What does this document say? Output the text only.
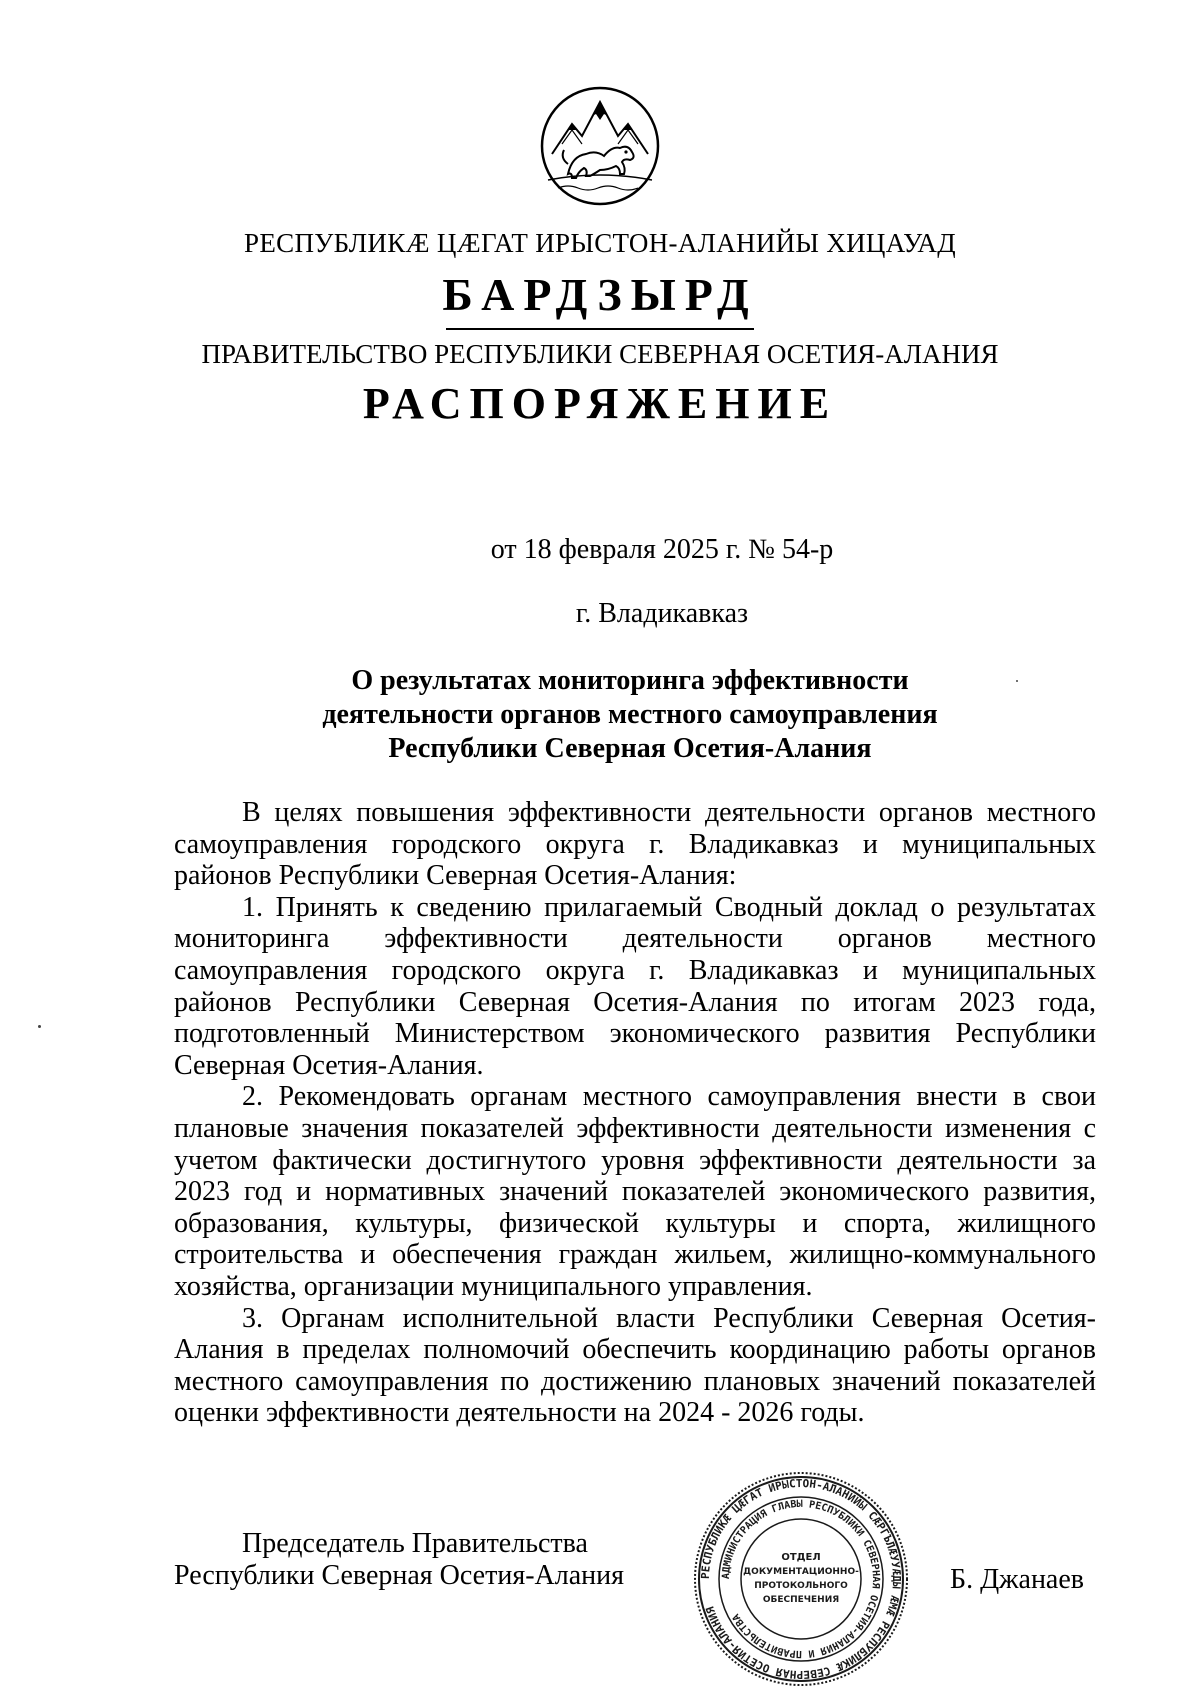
РЕСПУБЛИКӔ ЦӔГАТ ИРЫСТОН-АЛАНИЙЫ ХИЦАУАД
БАРДЗЫРД
ПРАВИТЕЛЬСТВО РЕСПУБЛИКИ СЕВЕРНАЯ ОСЕТИЯ-АЛАНИЯ
РАСПОРЯЖЕНИЕ
от 18 февраля 2025 г. № 54-р
г. Владикавказ
О результатах мониторинга эффективности
деятельности органов местного самоуправления
Республики Северная Осетия-Алания

В целях повышения эффективности деятельности органов местного самоуправления городского округа г. Владикавказ и муниципальных районов Республики Северная Осетия-Алания:

1. Принять к сведению прилагаемый Сводный доклад о результатах мониторинга эффективности деятельности органов местного самоуправления городского округа г. Владикавказ и муниципальных районов Республики Северная Осетия-Алания по итогам 2023 года, подготовленный Министерством экономического развития Республики Северная Осетия-Алания.

2. Рекомендовать органам местного самоуправления внести в свои плановые значения показателей эффективности деятельности изменения с учетом фактически достигнутого уровня эффективности деятельности за 2023 год и нормативных значений показателей экономического развития, образования, культуры, физической культуры и спорта, жилищного строительства и обеспечения граждан жильем, жилищно-коммунального хозяйства, организации муниципального управления.

3. Органам исполнительной власти Республики Северная Осетия-Алания в пределах полномочий обеспечить координацию работы органов местного самоуправления по достижению плановых значений показателей оценки эффективности деятельности на 2024 - 2026 годы.

Председатель Правительства
Республики Северная Осетия-Алания	Б. Джанаев
РЕСПУБЛИКӔ ЦӔГАТ ИРЫСТОН-АЛАНИЙЫ СӔРГЪЛӔУУӔДЫ ӔМӔ РЕСПУБЛИКӔ СЕВЕРНАЯ ОСЕТИЯ-АЛАНИЯ
АДМИНИСТРАЦИЯ ГЛАВЫ РЕСПУБЛИКИ СЕВЕРНАЯ ОСЕТИЯ-АЛАНИЯ И ПРАВИТЕЛЬСТВА
ОТДЕЛ
ДОКУМЕНТАЦИОННО-
ПРОТОКОЛЬНОГО
ОБЕСПЕЧЕНИЯ
